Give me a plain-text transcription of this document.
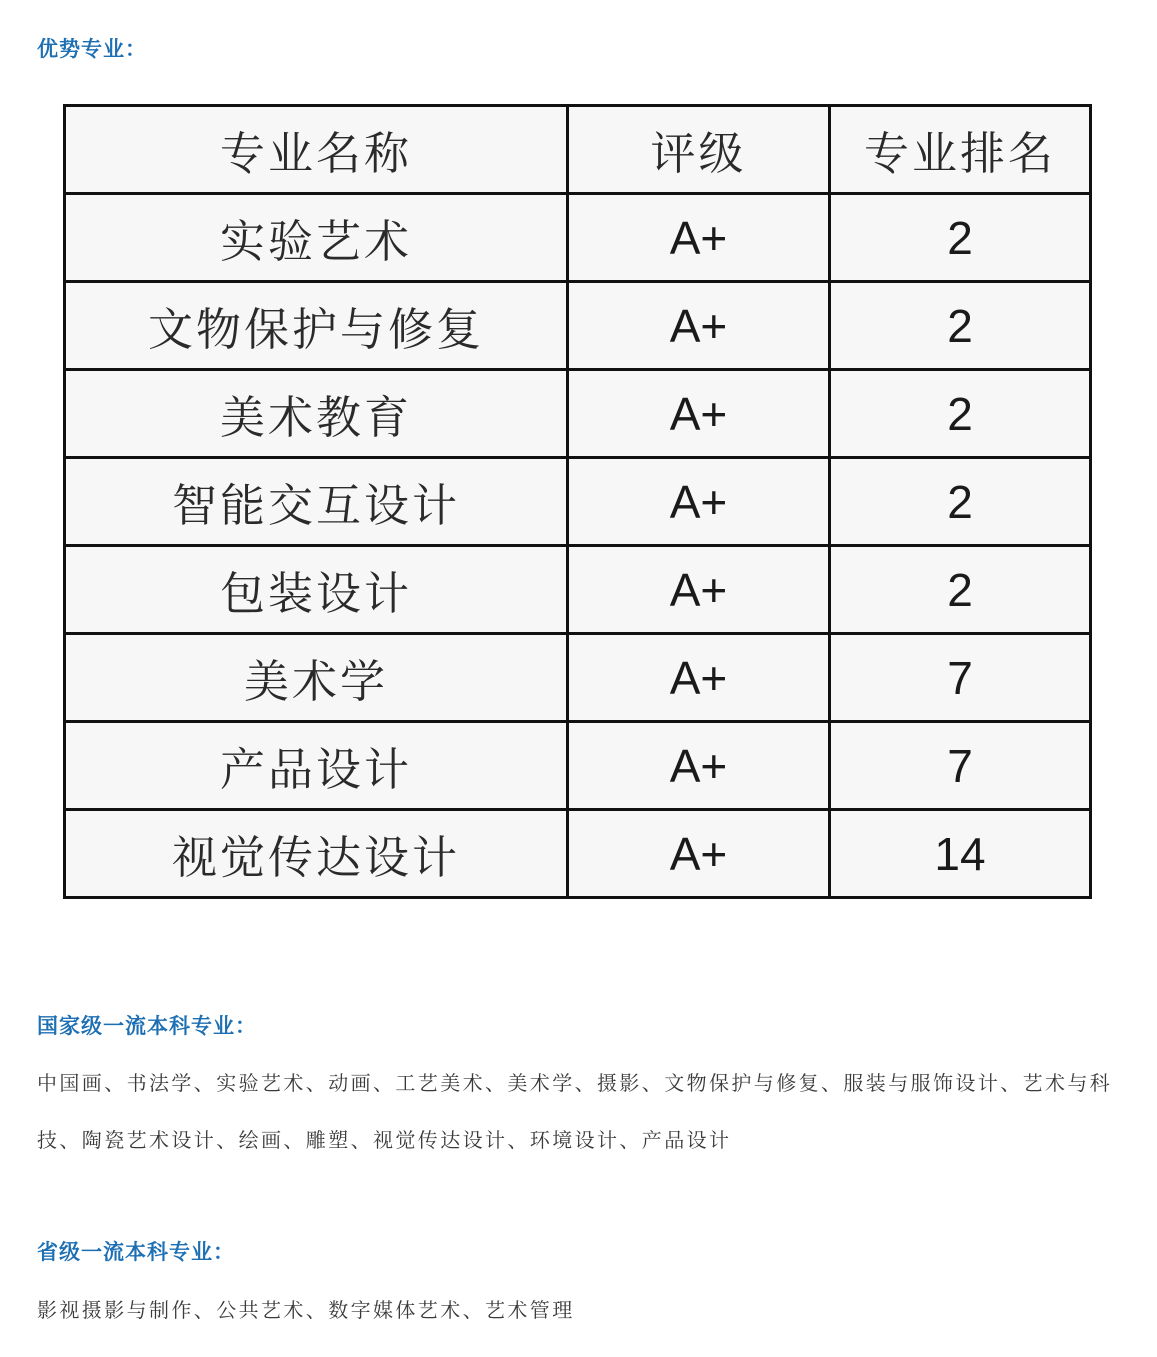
优势专业：
专业名称	评级	专业排名
实验艺术	A+	2
文物保护与修复	A+	2
美术教育	A+	2
智能交互设计	A+	2
包装设计	A+	2
美术学	A+	7
产品设计	A+	7
视觉传达设计	A+	14
国家级一流本科专业：

中国画、书法学、实验艺术、动画、工艺美术、美术学、摄影、文物保护与修复、服装与服饰设计、艺术与科技、陶瓷艺术设计、绘画、雕塑、视觉传达设计、环境设计、产品设计

省级一流本科专业：

影视摄影与制作、公共艺术、数字媒体艺术、艺术管理
